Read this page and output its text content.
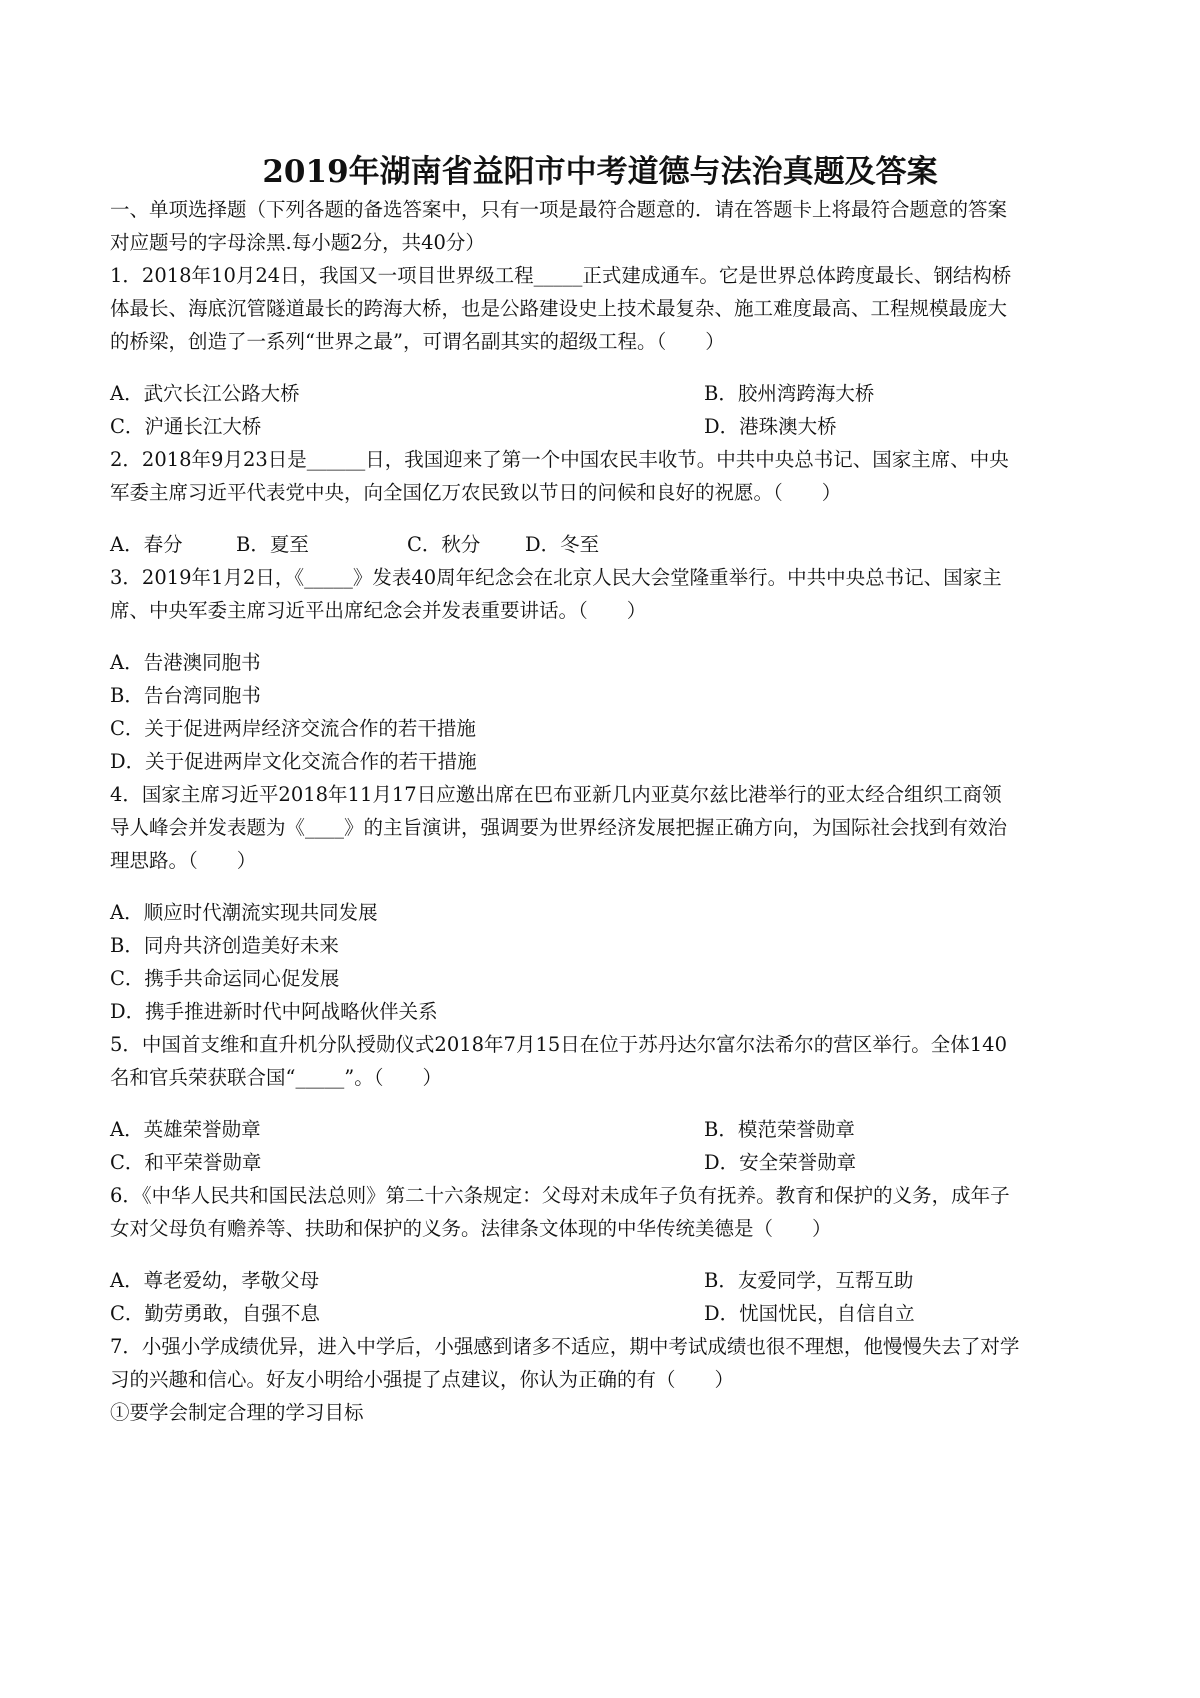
2019年湖南省益阳市中考道德与法治真题及答案
一、单项选择题（下列各题的备选答案中，只有一项是最符合题意的．请在答题卡上将最符合题意的答案
对应题号的字母涂黑.每小题2分，共40分）
1．2018年10月24日，我国又一项目世界级工程_____正式建成通车。它是世界总体跨度最长、钢结构桥
体最长、海底沉管隧道最长的跨海大桥，也是公路建设史上技术最复杂、施工难度最高、工程规模最庞大
的桥梁，创造了一系列“世界之最”，可谓名副其实的超级工程。（　　）
A．武穴长江公路大桥	B．胶州湾跨海大桥
C．沪通长江大桥	D．港珠澳大桥
2．2018年9月23日是______日，我国迎来了第一个中国农民丰收节。中共中央总书记、国家主席、中央
军委主席习近平代表党中央，向全国亿万农民致以节日的问候和良好的祝愿。（　　）
A．春分	B．夏至	C．秋分 D．冬至
3．2019年1月2日，《_____》发表40周年纪念会在北京人民大会堂隆重举行。中共中央总书记、国家主
席、中央军委主席习近平出席纪念会并发表重要讲话。（　　）
A．告港澳同胞书
B．告台湾同胞书
C．关于促进两岸经济交流合作的若干措施
D．关于促进两岸文化交流合作的若干措施
4．国家主席习近平2018年11月17日应邀出席在巴布亚新几内亚莫尔兹比港举行的亚太经合组织工商领
导人峰会并发表题为《____》的主旨演讲，强调要为世界经济发展把握正确方向，为国际社会找到有效治
理思路。（　　）
A．顺应时代潮流实现共同发展
B．同舟共济创造美好未来
C．携手共命运同心促发展
D．携手推进新时代中阿战略伙伴关系
5．中国首支维和直升机分队授勋仪式2018年7月15日在位于苏丹达尔富尔法希尔的营区举行。全体140
名和官兵荣获联合国“_____”。（　　）
A．英雄荣誉勋章	B．模范荣誉勋章
C．和平荣誉勋章	D．安全荣誉勋章
6．《中华人民共和国民法总则》第二十六条规定：父母对未成年子负有抚养。教育和保护的义务，成年子
女对父母负有赡养等、扶助和保护的义务。法律条文体现的中华传统美德是（　　）
A．尊老爱幼，孝敬父母	B．友爱同学，互帮互助
C．勤劳勇敢，自强不息	D．忧国忧民，自信自立
7．小强小学成绩优异，进入中学后，小强感到诸多不适应，期中考试成绩也很不理想，他慢慢失去了对学
习的兴趣和信心。好友小明给小强提了点建议，你认为正确的有（　　）
①要学会制定合理的学习目标
